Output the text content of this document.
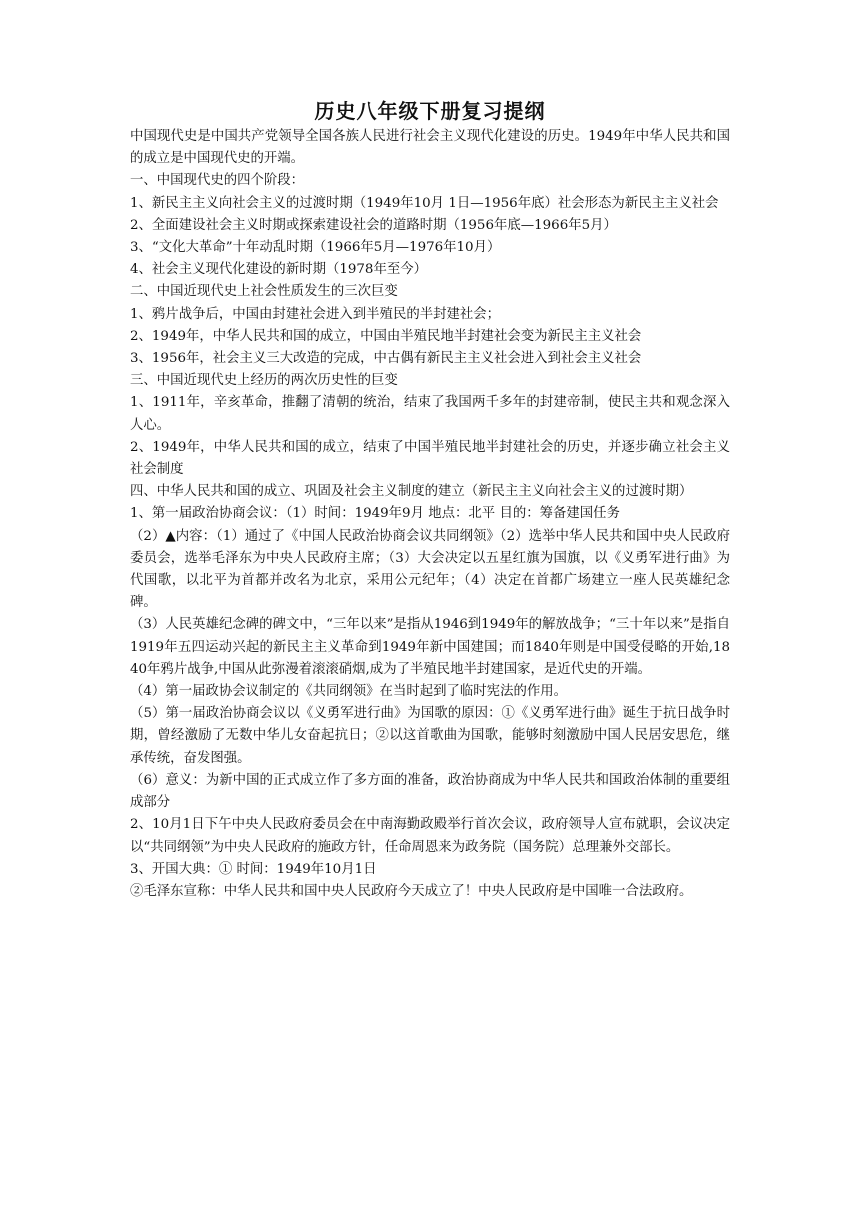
历史八年级下册复习提纲

中国现代史是中国共产党领导全国各族人民进行社会主义现代化建设的历史。1949年中华人民共和国的成立是中国现代史的开端。

一、中国现代史的四个阶段：

1、新民主主义向社会主义的过渡时期（1949年10月 1日—1956年底）社会形态为新民主主义社会

2、全面建设社会主义时期或探索建设社会的道路时期（1956年底—1966年5月）

3、“文化大革命”十年动乱时期（1966年5月—1976年10月）

4、社会主义现代化建设的新时期（1978年至今）

二、中国近现代史上社会性质发生的三次巨变

1、鸦片战争后，中国由封建社会进入到半殖民的半封建社会；

2、1949年，中华人民共和国的成立，中国由半殖民地半封建社会变为新民主主义社会

3、1956年，社会主义三大改造的完成，中古偶有新民主主义社会进入到社会主义社会

三、中国近现代史上经历的两次历史性的巨变

1、1911年，辛亥革命，推翻了清朝的统治，结束了我国两千多年的封建帝制，使民主共和观念深入人心。

2、1949年，中华人民共和国的成立，结束了中国半殖民地半封建社会的历史，并逐步确立社会主义社会制度

四、中华人民共和国的成立、巩固及社会主义制度的建立（新民主主义向社会主义的过渡时期）

1、第一届政治协商会议：（1）时间：1949年9月 地点：北平 目的：筹备建国任务

（2）▲内容：（1）通过了《中国人民政治协商会议共同纲领》（2）选举中华人民共和国中央人民政府委员会，选举毛泽东为中央人民政府主席；（3）大会决定以五星红旗为国旗，以《义勇军进行曲》为代国歌，以北平为首都并改名为北京，采用公元纪年；（4）决定在首都广场建立一座人民英雄纪念碑。

（3）人民英雄纪念碑的碑文中，“三年以来”是指从1946到1949年的解放战争；“三十年以来”是指自1919年五四运动兴起的新民主主义革命到1949年新中国建国；而1840年则是中国受侵略的开始,1840年鸦片战争,中国从此弥漫着滚滚硝烟,成为了半殖民地半封建国家，是近代史的开端。

（4）第一届政协会议制定的《共同纲领》在当时起到了临时宪法的作用。

（5）第一届政治协商会议以《义勇军进行曲》为国歌的原因：①《义勇军进行曲》诞生于抗日战争时期，曾经激励了无数中华儿女奋起抗日；②以这首歌曲为国歌，能够时刻激励中国人民居安思危，继承传统，奋发图强。

（6）意义：为新中国的正式成立作了多方面的准备，政治协商成为中华人民共和国政治体制的重要组成部分

2、10月1日下午中央人民政府委员会在中南海勤政殿举行首次会议，政府领导人宣布就职，会议决定以“共同纲领”为中央人民政府的施政方针，任命周恩来为政务院（国务院）总理兼外交部长。

3、开国大典：① 时间：1949年10月1日

②毛泽东宣称：中华人民共和国中央人民政府今天成立了！中央人民政府是中国唯一合法政府。
